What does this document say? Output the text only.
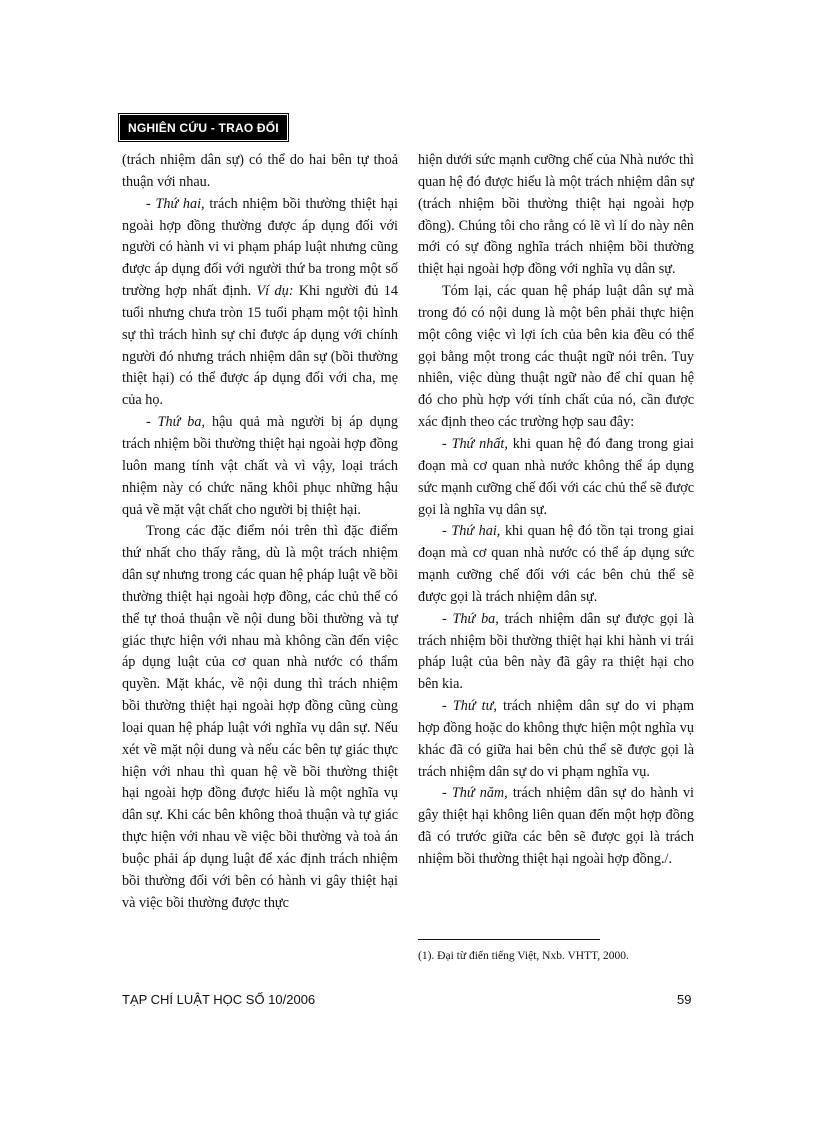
NGHIÊN CỨU - TRAO ĐỔI

(trách nhiệm dân sự) có thể do hai bên tự thoả thuận với nhau.

- Thứ hai, trách nhiệm bồi thường thiệt hại ngoài hợp đồng thường được áp dụng đối với người có hành vi vi phạm pháp luật nhưng cũng được áp dụng đối với người thứ ba trong một số trường hợp nhất định. Ví dụ: Khi người đủ 14 tuổi nhưng chưa tròn 15 tuổi phạm một tội hình sự thì trách hình sự chỉ được áp dụng với chính người đó nhưng trách nhiệm dân sự (bồi thường thiệt hại) có thể được áp dụng đối với cha, mẹ của họ.

- Thứ ba, hậu quả mà người bị áp dụng trách nhiệm bồi thường thiệt hại ngoài hợp đồng luôn mang tính vật chất và vì vậy, loại trách nhiệm này có chức năng khôi phục những hậu quả về mặt vật chất cho người bị thiệt hại.

Trong các đặc điểm nói trên thì đặc điểm thứ nhất cho thấy rằng, dù là một trách nhiệm dân sự nhưng trong các quan hệ pháp luật về bồi thường thiệt hại ngoài hợp đồng, các chủ thể có thể tự thoả thuận về nội dung bồi thường và tự giác thực hiện với nhau mà không cần đến việc áp dụng luật của cơ quan nhà nước có thẩm quyền. Mặt khác, về nội dung thì trách nhiệm bồi thường thiệt hại ngoài hợp đồng cũng cùng loại quan hệ pháp luật với nghĩa vụ dân sự. Nếu xét về mặt nội dung và nếu các bên tự giác thực hiện với nhau thì quan hệ về bồi thường thiệt hại ngoài hợp đồng được hiểu là một nghĩa vụ dân sự. Khi các bên không thoả thuận và tự giác thực hiện với nhau về việc bồi thường và toà án buộc phải áp dụng luật để xác định trách nhiệm bồi thường đối với bên có hành vi gây thiệt hại và việc bồi thường được thực

hiện dưới sức mạnh cưỡng chế của Nhà nước thì quan hệ đó được hiểu là một trách nhiệm dân sự (trách nhiệm bồi thường thiệt hại ngoài hợp đồng). Chúng tôi cho rằng có lẽ vì lí do này nên mới có sự đồng nghĩa trách nhiệm bồi thường thiệt hại ngoài hợp đồng với nghĩa vụ dân sự.

Tóm lại, các quan hệ pháp luật dân sự mà trong đó có nội dung là một bên phải thực hiện một công việc vì lợi ích của bên kia đều có thể gọi bằng một trong các thuật ngữ nói trên. Tuy nhiên, việc dùng thuật ngữ nào để chỉ quan hệ đó cho phù hợp với tính chất của nó, cần được xác định theo các trường hợp sau đây:

- Thứ nhất, khi quan hệ đó đang trong giai đoạn mà cơ quan nhà nước không thể áp dụng sức mạnh cưỡng chế đối với các chủ thể sẽ được gọi là nghĩa vụ dân sự.

- Thứ hai, khi quan hệ đó tồn tại trong giai đoạn mà cơ quan nhà nước có thể áp dụng sức mạnh cưỡng chế đối với các bên chủ thể sẽ được gọi là trách nhiệm dân sự.

- Thứ ba, trách nhiệm dân sự được gọi là trách nhiệm bồi thường thiệt hại khi hành vi trái pháp luật của bên này đã gây ra thiệt hại cho bên kia.

- Thứ tư, trách nhiệm dân sự do vi phạm hợp đồng hoặc do không thực hiện một nghĩa vụ khác đã có giữa hai bên chủ thể sẽ được gọi là trách nhiệm dân sự do vi phạm nghĩa vụ.

- Thứ năm, trách nhiệm dân sự do hành vi gây thiệt hại không liên quan đến một hợp đồng đã có trước giữa các bên sẽ được gọi là trách nhiệm bồi thường thiệt hại ngoài hợp đồng./.

(1). Đại từ điển tiếng Việt, Nxb. VHTT, 2000.
TẠP CHÍ LUẬT HỌC SỐ 10/2006	59
